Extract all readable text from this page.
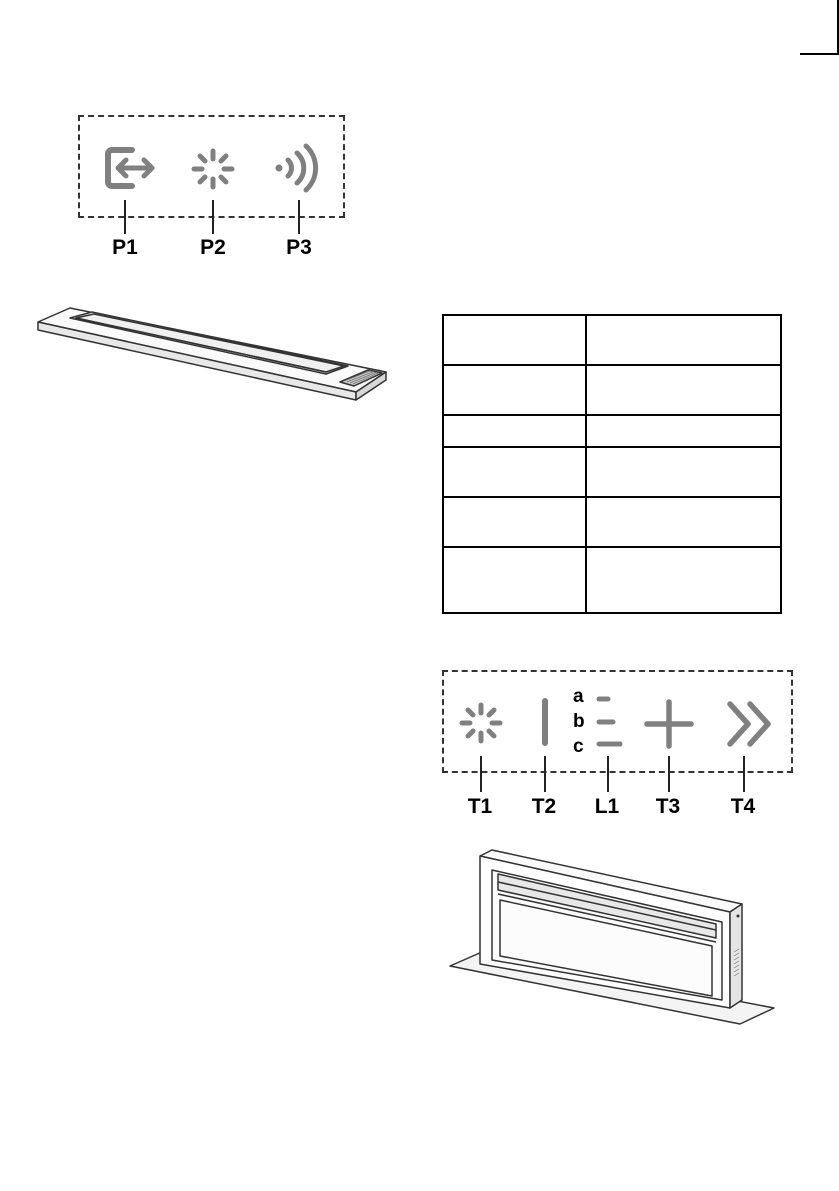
P1	P2	P3

a
b
c
T1	T2	L1	T3	T4
